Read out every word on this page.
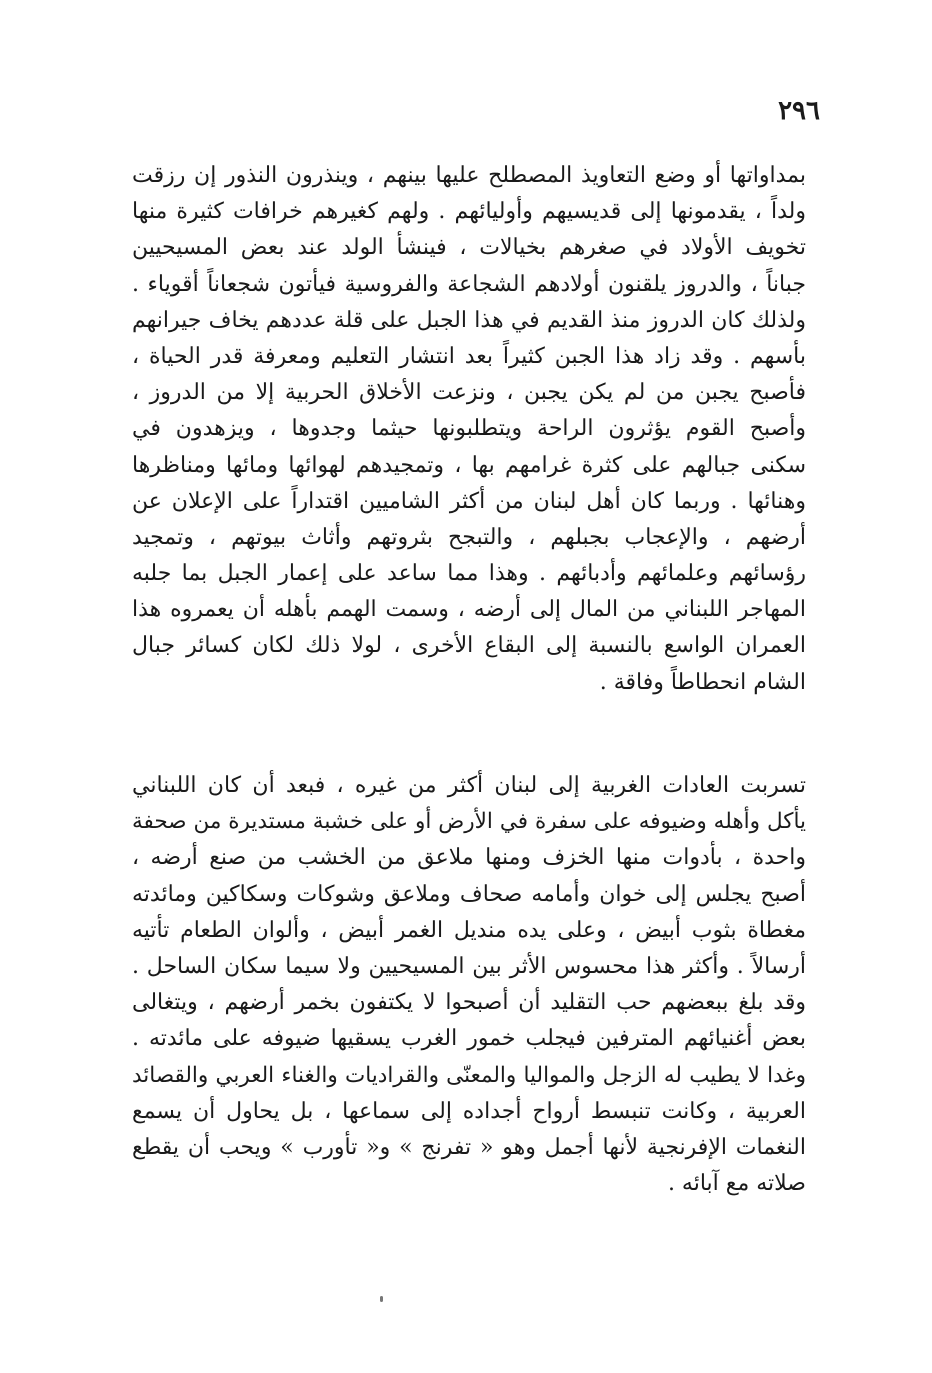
٢٩٦
بمداواتها أو وضع التعاويذ المصطلح عليها بينهم ، وينذرون النذور إن رزقت
ولداً ، يقدمونها إلى قديسيهم وأوليائهم . ولهم كغيرهم خرافات كثيرة منها
تخويف الأولاد في صغرهم بخيالات ، فينشأ الولد عند بعض المسيحيين
جباناً ، والدروز يلقنون أولادهم الشجاعة والفروسية فيأتون شجعاناً أقوياء .
ولذلك كان الدروز منذ القديم في هذا الجبل على قلة عددهم يخاف جيرانهم
بأسهم . وقد زاد هذا الجبن كثيراً بعد انتشار التعليم ومعرفة قدر الحياة ،
فأصبح يجبن من لم يكن يجبن ، ونزعت الأخلاق الحربية إلا من الدروز ،
وأصبح القوم يؤثرون الراحة ويتطلبونها حيثما وجدوها ، ويزهدون في
سكنى جبالهم على كثرة غرامهم بها ، وتمجيدهم لهوائها ومائها ومناظرها
وهنائها . وربما كان أهل لبنان من أكثر الشاميين اقتداراً على الإعلان عن
أرضهم ، والإعجاب بجبلهم ، والتبجح بثروتهم وأثاث بيوتهم ، وتمجيد
رؤسائهم وعلمائهم وأدبائهم . وهذا مما ساعد على إعمار الجبل بما جلبه
المهاجر اللبناني من المال إلى أرضه ، وسمت الهمم بأهله أن يعمروه هذا
العمران الواسع بالنسبة إلى البقاع الأخرى ، لولا ذلك لكان كسائر جبال
الشام انحطاطاً وفاقة .
تسربت العادات الغربية إلى لبنان أكثر من غيره ، فبعد أن كان اللبناني
يأكل وأهله وضيوفه على سفرة في الأرض أو على خشبة مستديرة من صحفة
واحدة ، بأدوات منها الخزف ومنها ملاعق من الخشب من صنع أرضه ،
أصبح يجلس إلى خوان وأمامه صحاف وملاعق وشوكات وسكاكين ومائدته
مغطاة بثوب أبيض ، وعلى يده منديل الغمر أبيض ، وألوان الطعام تأتيه
أرسالاً . وأكثر هذا محسوس الأثر بين المسيحيين ولا سيما سكان الساحل .
وقد بلغ ببعضهم حب التقليد أن أصبحوا لا يكتفون بخمر أرضهم ، ويتغالى
بعض أغنيائهم المترفين فيجلب خمور الغرب يسقيها ضيوفه على مائدته .
وغدا لا يطيب له الزجل والمواليا والمعنّى والقراديات والغناء العربي والقصائد
العربية ، وكانت تنبسط أرواح أجداده إلى سماعها ، بل يحاول أن يسمع
النغمات الإفرنجية لأنها أجمل وهو « تفرنج » و« تأورب » ويحب أن يقطع
صلاته مع آبائه .
